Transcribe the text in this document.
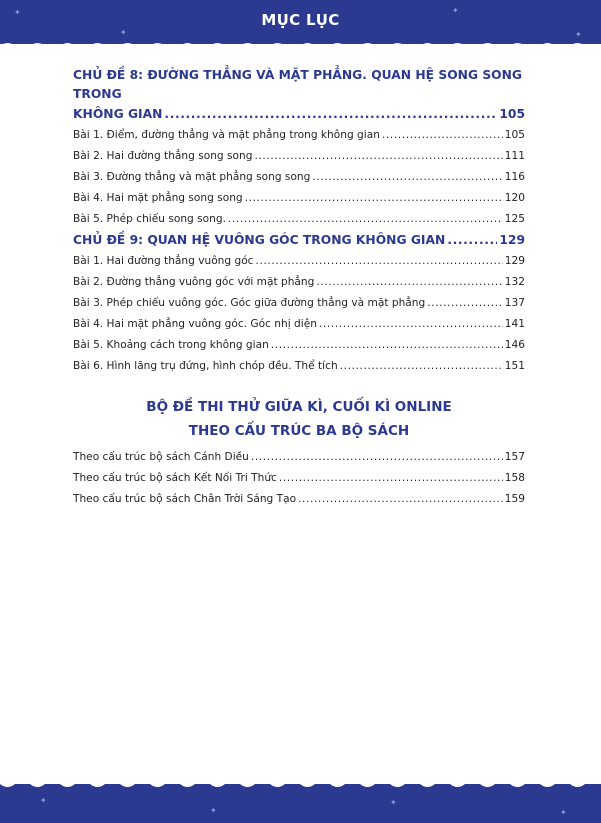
MỤC LỤC
✦
✦
✦
✦
✦
✦
✦
✦
CHỦ ĐỀ 8: ĐƯỜNG THẲNG VÀ MẶT PHẲNG. QUAN HỆ SONG SONG TRONG
KHÔNG GIAN .....	105
Bài 1. Điểm, đường thẳng và mặt phẳng trong không gian .....	105
Bài 2. Hai đường thẳng song song .....	111
Bài 3. Đường thẳng và mặt phẳng song song .....	116
Bài 4. Hai mặt phẳng song song .....	120
Bài 5. Phép chiếu song song. .....	125
CHỦ ĐỀ 9: QUAN HỆ VUÔNG GÓC TRONG KHÔNG GIAN .....	129
Bài 1. Hai đường thẳng vuông góc .....	129
Bài 2. Đường thẳng vuông góc với mặt phẳng .....	132
Bài 3. Phép chiếu vuông góc. Góc giữa đường thẳng và mặt phẳng .....	137
Bài 4. Hai mặt phẳng vuông góc. Góc nhị diện .....	141
Bài 5. Khoảng cách trong không gian .....	146
Bài 6. Hình lăng trụ đứng, hình chóp đều. Thể tích .....	151
BỘ ĐỀ THI THỬ GIỮA KÌ, CUỐI KÌ ONLINE
THEO CẤU TRÚC BA BỘ SÁCH
Theo cấu trúc bộ sách Cánh Diều .....	157
Theo cấu trúc bộ sách Kết Nối Tri Thức .....	158
Theo cấu trúc bộ sách Chân Trời Sáng Tạo .....	159
